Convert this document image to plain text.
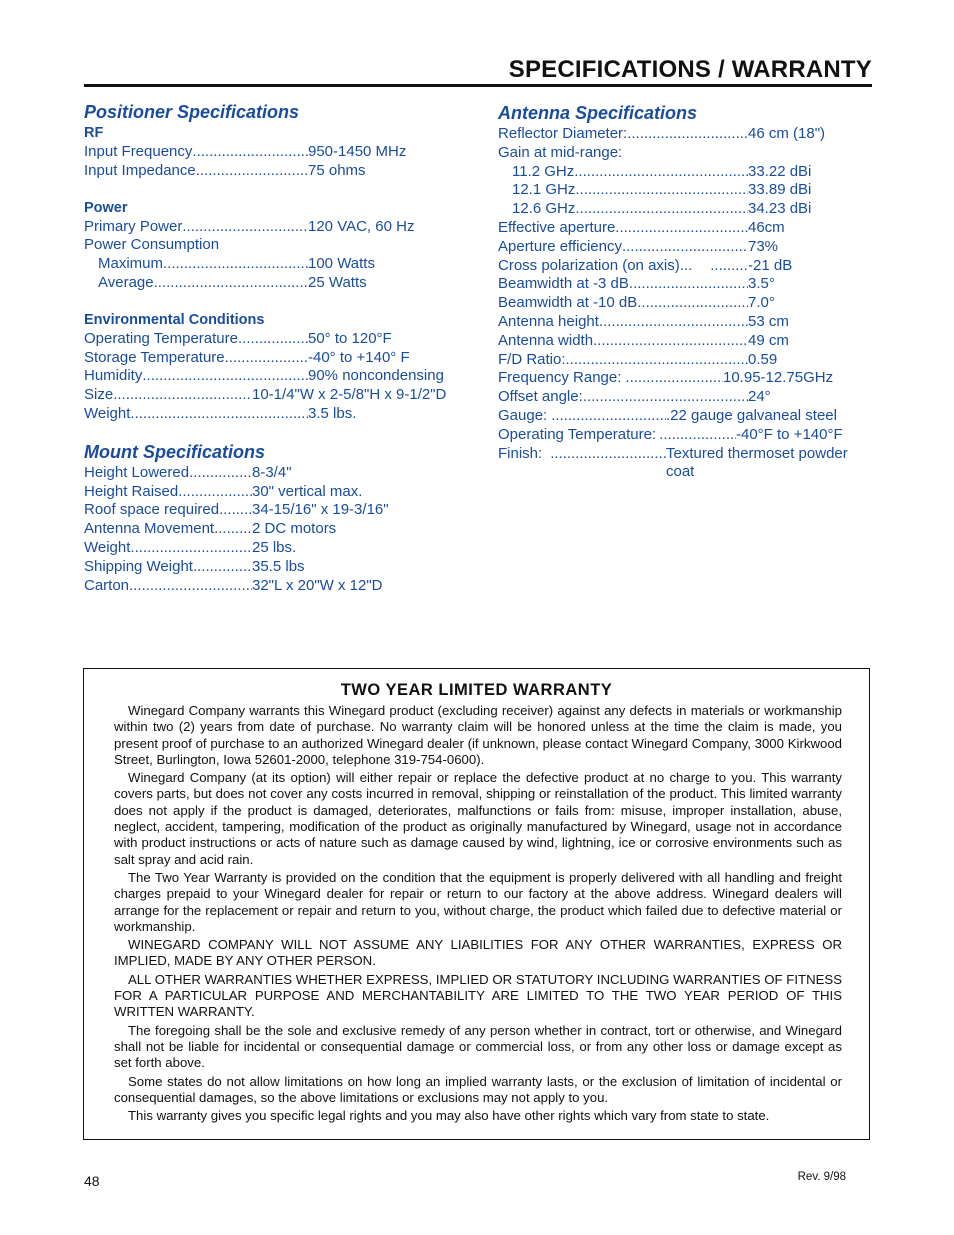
SPECIFICATIONS / WARRANTY
Positioner Specifications
RF
Input Frequency .....	950-1450 MHz
Input Impedance .....	75 ohms
Power
Primary Power .....	120 VAC, 60 Hz
Power Consumption
Maximum .....	100 Watts
Average .....	25 Watts
Environmental Conditions
Operating Temperature .....	50° to 120°F
Storage Temperature .....	-40° to +140° F
Humidity .....	90% noncondensing
Size .....	10-1/4"W x 2-5/8"H x 9-1/2"D
Weight .....	3.5 lbs.
Mount Specifications
Height Lowered .....	8-3/4"
Height Raised .....	30" vertical max.
Roof space required ..... 34-15/16" x 19-3/16"
Antenna Movement .....	2 DC motors
Weight .....	25 lbs.
Shipping Weight .....	35.5 lbs
Carton .....	32"L x 20"W x 12"D
Antenna Specifications
Reflector Diameter: .....	46 cm (18")
Gain at mid-range:
11.2 GHz .....	33.22 dBi
12.1 GHz .....	33.89 dBi
12.6 GHz .....	34.23 dBi
Effective aperture .....	46cm
Aperture efficiency .....	73%
Cross polarization (on axis)... .....	-21 dB
Beamwidth at -3 dB .....	3.5°
Beamwidth at -10 dB .....	7.0°
Antenna height .....	53 cm
Antenna width .....	49 cm
F/D Ratio: .....	0.59
Frequency Range: .....	10.95-12.75GHz
Offset angle: .....	24°
Gauge: .....	.22 gauge galvaneal steel
Operating Temperature: .....	-40°F to +140°F
Finish: .....	Textured thermoset powder
coat
TWO YEAR LIMITED WARRANTY

Winegard Company warrants this Winegard product (excluding receiver) against any defects in materials or workmanship within two (2) years from date of purchase. No warranty claim will be honored unless at the time the claim is made, you present proof of purchase to an authorized Winegard dealer (if unknown, please contact Winegard Company, 3000 Kirkwood Street, Burlington, Iowa 52601-2000, telephone 319-754-0600).

Winegard Company (at its option) will either repair or replace the defective product at no charge to you. This warranty covers parts, but does not cover any costs incurred in removal, shipping or reinstallation of the product. This limited warranty does not apply if the product is damaged, deteriorates, malfunctions or fails from: misuse, improper installation, abuse, neglect, accident, tampering, modification of the product as originally manufactured by Winegard, usage not in accordance with product instructions or acts of nature such as damage caused by wind, lightning, ice or corrosive environments such as salt spray and acid rain.

The Two Year Warranty is provided on the condition that the equipment is properly delivered with all handling and freight charges prepaid to your Winegard dealer for repair or return to our factory at the above address. Winegard dealers will arrange for the replacement or repair and return to you, without charge, the product which failed due to defective material or workmanship.

WINEGARD COMPANY WILL NOT ASSUME ANY LIABILITIES FOR ANY OTHER WARRANTIES, EXPRESS OR IMPLIED, MADE BY ANY OTHER PERSON.

ALL OTHER WARRANTIES WHETHER EXPRESS, IMPLIED OR STATUTORY INCLUDING WARRANTIES OF FITNESS FOR A PARTICULAR PURPOSE AND MERCHANTABILITY ARE LIMITED TO THE TWO YEAR PERIOD OF THIS WRITTEN WARRANTY.

The foregoing shall be the sole and exclusive remedy of any person whether in contract, tort or otherwise, and Winegard shall not be liable for incidental or consequential damage or commercial loss, or from any other loss or damage except as set forth above.

Some states do not allow limitations on how long an implied warranty lasts, or the exclusion of limitation of incidental or consequential damages, so the above limitations or exclusions may not apply to you.

This warranty gives you specific legal rights and you may also have other rights which vary from state to state.

48	Rev. 9/98
